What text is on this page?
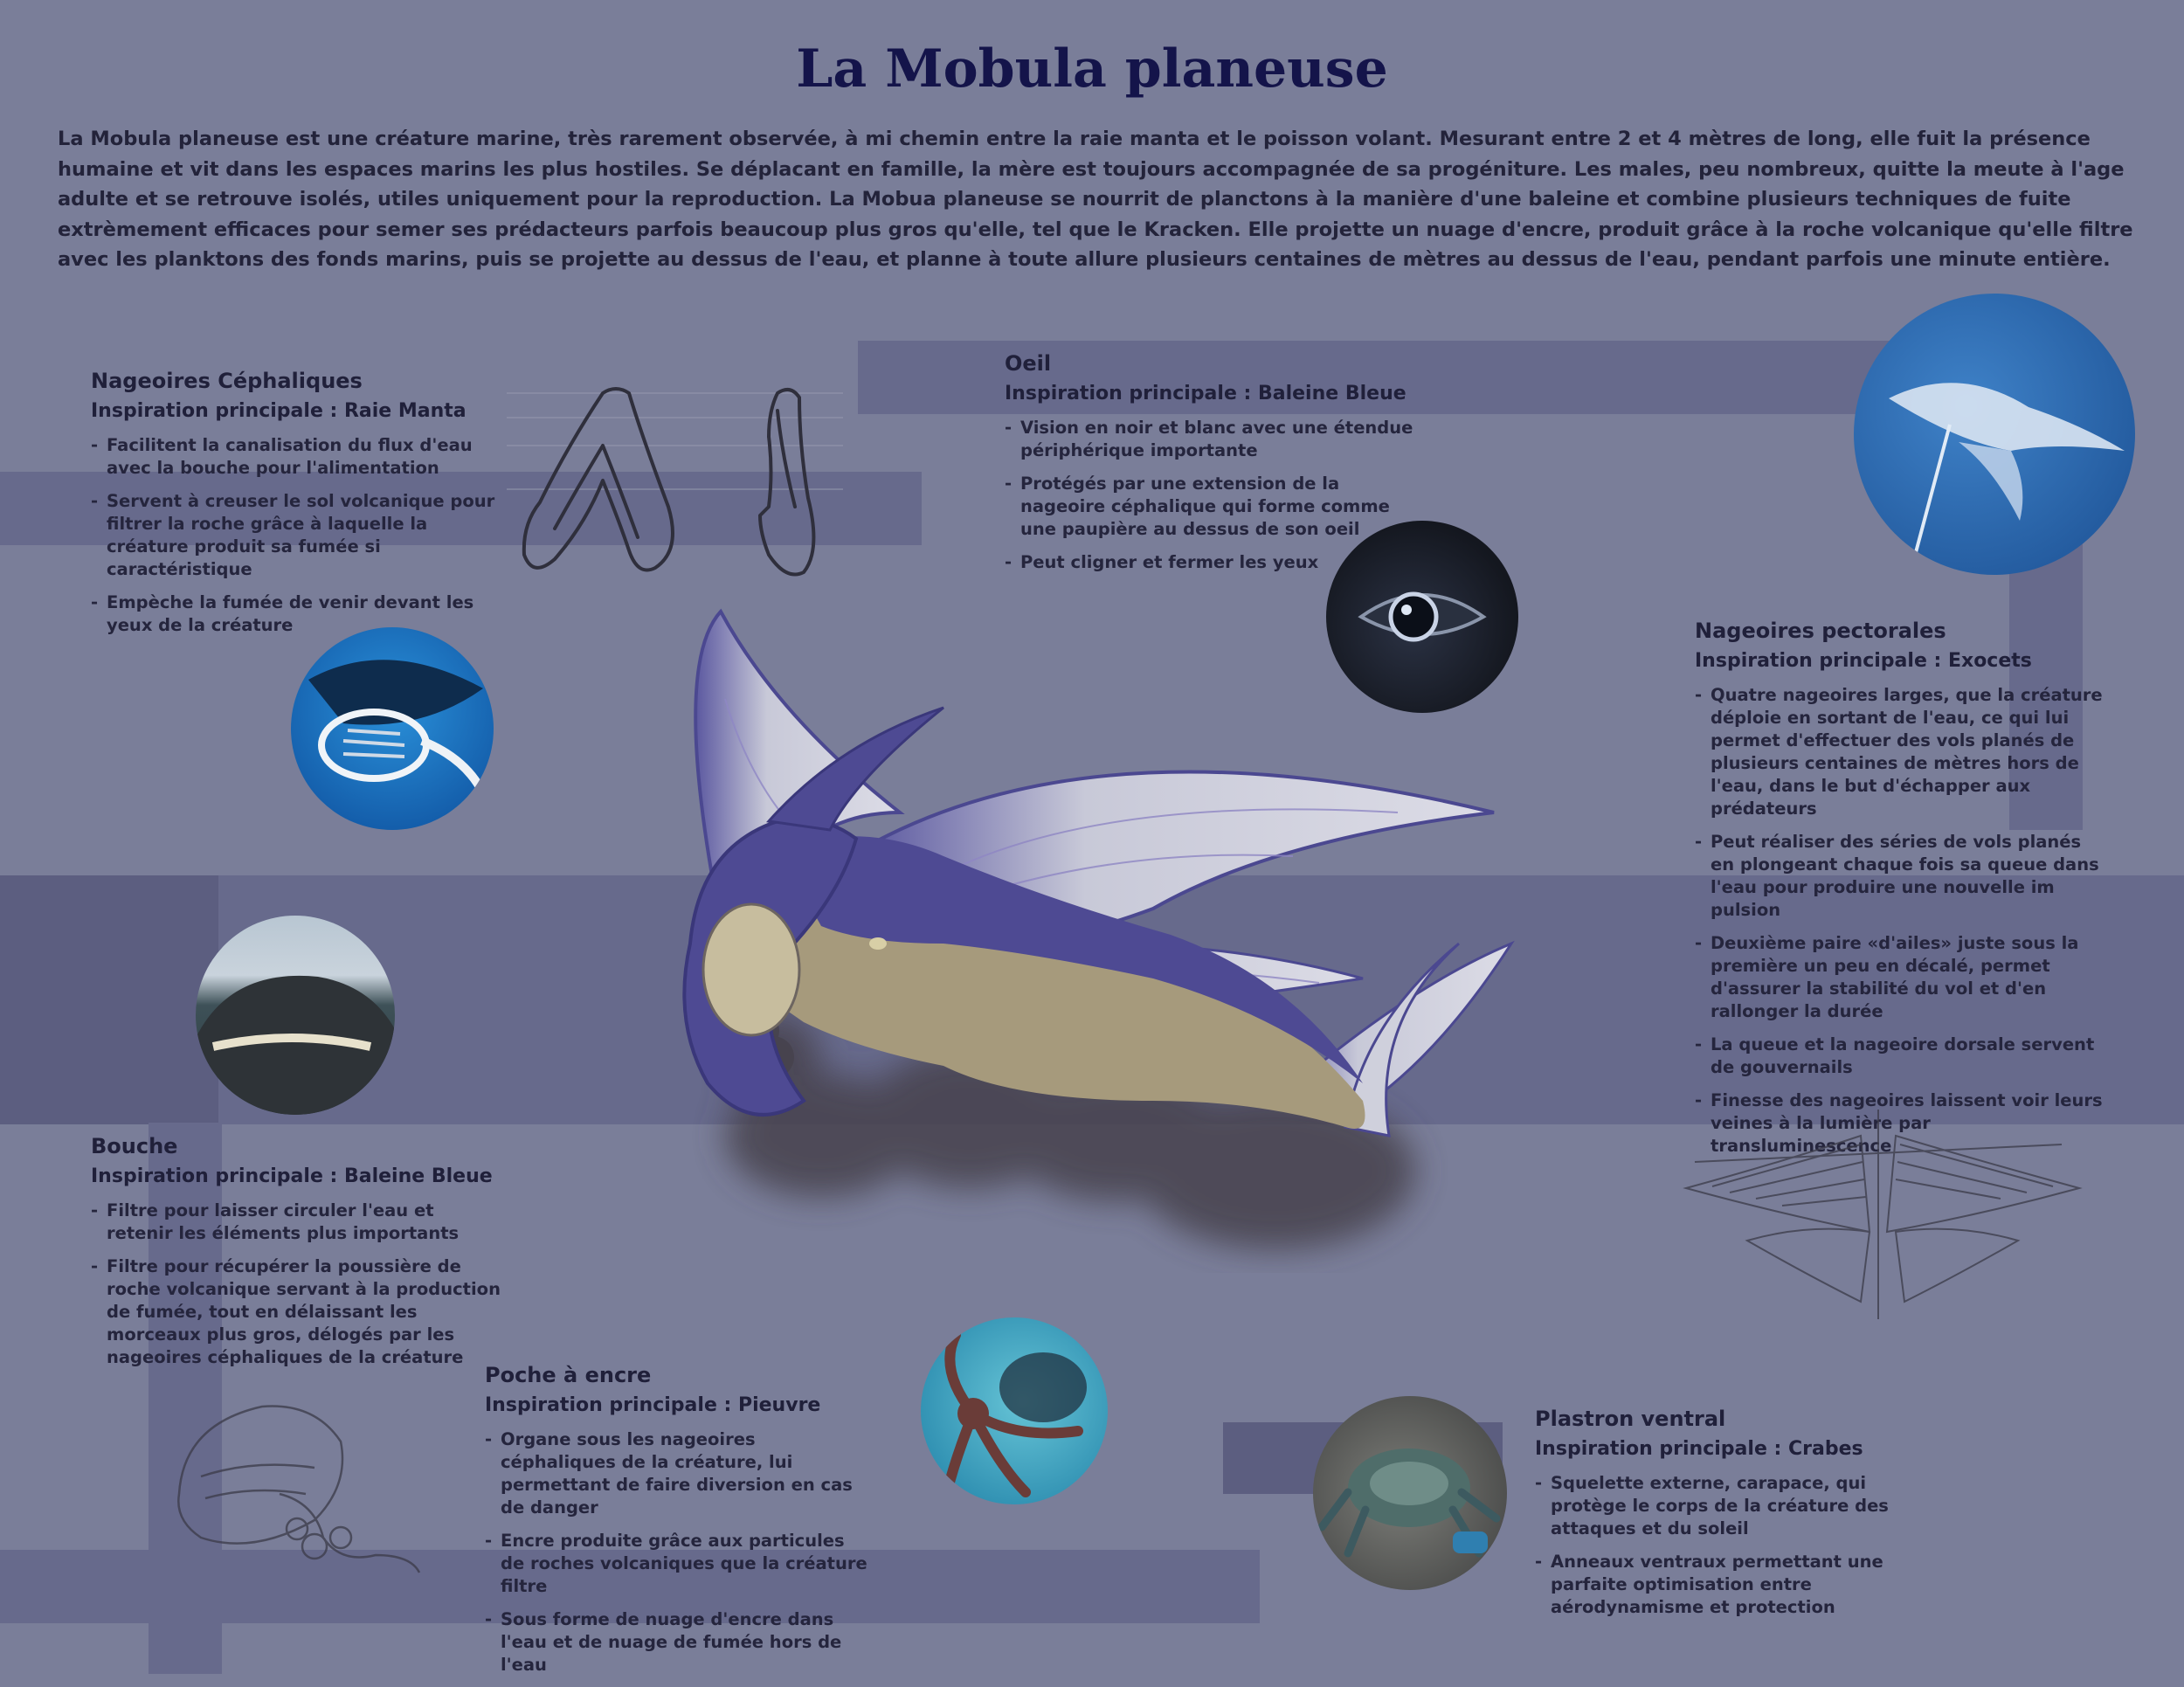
La Mobula planeuse

La Mobula planeuse est une créature marine, très rarement observée, à mi chemin entre la raie manta et le poisson volant. Mesurant entre 2 et 4 mètres de long, elle fuit la présence humaine et vit dans les espaces marins les plus hostiles. Se déplacant en famille, la mère est toujours accompagnée de sa progéniture. Les males, peu nombreux, quitte la meute à l'age adulte et se retrouve isolés, utiles uniquement pour la reproduction. La Mobua planeuse se nourrit de planctons à la manière d'une baleine et combine plusieurs techniques de fuite extrèmement efficaces pour semer ses prédacteurs parfois beaucoup plus gros qu'elle, tel que le Kracken. Elle projette un nuage d'encre, produit grâce à la roche volcanique qu'elle filtre avec les planktons des fonds marins, puis se projette au dessus de l'eau, et planne à toute allure plusieurs centaines de mètres au dessus de l'eau, pendant parfois une minute entière.

Nageoires Céphaliques
Inspiration principale : Raie Manta
- Facilitent la canalisation du flux d'eau avec la bouche pour l'alimentation
- Servent à creuser le sol volcanique pour filtrer la roche grâce à laquelle la créature produit sa fumée si caractéristique
- Empèche la fumée de venir devant les yeux de la créature
Oeil
Inspiration principale : Baleine Bleue
- Vision en noir et blanc avec une étendue périphérique importante
- Protégés par une extension de la nageoire céphalique qui forme comme une paupière au dessus de son oeil
- Peut cligner et fermer les yeux
Nageoires pectorales
Inspiration principale : Exocets
- Quatre nageoires larges, que la créature déploie en sortant de l'eau, ce qui lui permet d'effectuer des vols planés de plusieurs centaines de mètres hors de l'eau, dans le but d'échapper aux prédateurs
- Peut réaliser des séries de vols planés en plongeant chaque fois sa queue dans l'eau pour produire une nouvelle im pulsion
- Deuxième paire «d'ailes» juste sous la première un peu en décalé, permet d'assurer la stabilité du vol et d'en rallonger la durée
- La queue et la nageoire dorsale servent de gouvernails
- Finesse des nageoires laissent voir leurs veines à la lumière par transluminescence
Bouche
Inspiration principale : Baleine Bleue
- Filtre pour laisser circuler l'eau et retenir les éléments plus importants
- Filtre pour récupérer la poussière de roche volcanique servant à la production de fumée, tout en délaissant les morceaux plus gros, délogés par les nageoires céphaliques de la créature
Poche à encre
Inspiration principale : Pieuvre
- Organe sous les nageoires céphaliques de la créature, lui permettant de faire diversion en cas de danger
- Encre produite grâce aux particules de roches volcaniques que la créature filtre
- Sous forme de nuage d'encre dans l'eau et de nuage de fumée hors de l'eau
Plastron ventral
Inspiration principale : Crabes
- Squelette externe, carapace, qui protège le corps de la créature des attaques et du soleil
- Anneaux ventraux permettant une parfaite optimisation entre aérodynamisme et protection
